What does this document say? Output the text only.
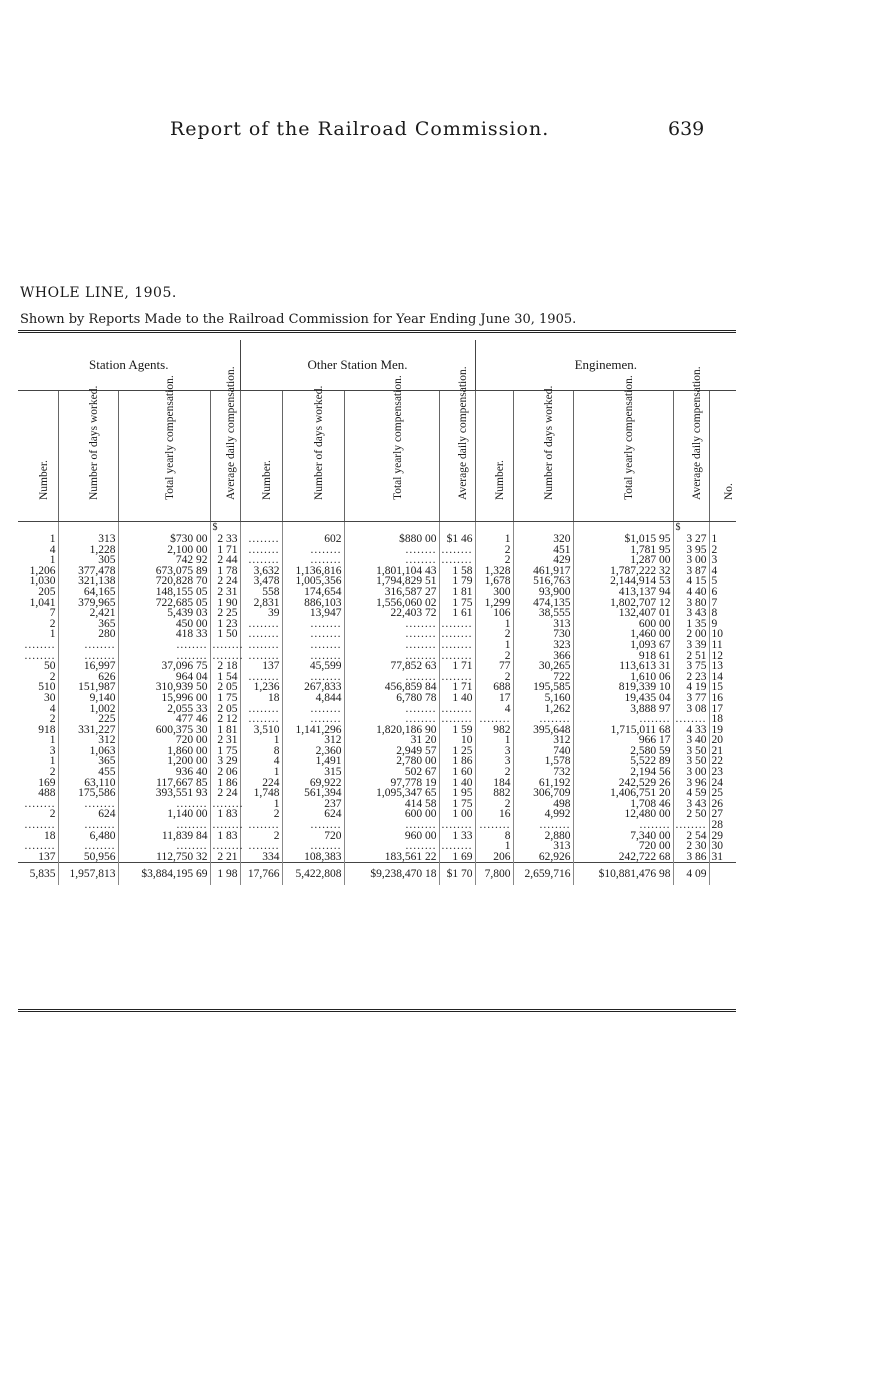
Report of the Railroad Commission.	639
WHOLE LINE, 1905.
Shown by Reports Made to the Railroad Commission for Year Ending June 30, 1905.
Station Agents.				Other Station Men.				Enginemen.				

Number.	Number of days worked.	Total yearly compensation.	Average daily compensation.	Number.	Number of days worked.	Total yearly compensation.	Average daily compensation.	Number.	Number of days worked.	Total yearly compensation.	Average daily compensation.	No.

			$								$	
1	313	$730 00	2 33	........	602	$880 00	$1 46	1	320	$1,015 95	3 27	1
4	1,228	2,100 00	1 71	........	........	........	........	2	451	1,781 95	3 95	2
1	305	742 92	2 44	........	........	........	........	2	429	1,287 00	3 00	3
1,206	377,478	673,075 89	1 78	3,632	1,136,816	1,801,104 43	1 58	1,328	461,917	1,787,222 32	3 87	4
1,030	321,138	720,828 70	2 24	3,478	1,005,356	1,794,829 51	1 79	1,678	516,763	2,144,914 53	4 15	5
205	64,165	148,155 05	2 31	558	174,654	316,587 27	1 81	300	93,900	413,137 94	4 40	6
1,041	379,965	722,685 05	1 90	2,831	886,103	1,556,060 02	1 75	1,299	474,135	1,802,707 12	3 80	7
7	2,421	5,439 03	2 25	39	13,947	22,403 72	1 61	106	38,555	132,407 01	3 43	8
2	365	450 00	1 23	........	........	........	........	1	313	600 00	1 35	9
1	280	418 33	1 50	........	........	........	........	2	730	1,460 00	2 00	10
........	........	........	........	........	........	........	........	1	323	1,093 67	3 39	11
........	........	........	........	........	........	........	........	2	366	918 61	2 51	12
50	16,997	37,096 75	2 18	137	45,599	77,852 63	1 71	77	30,265	113,613 31	3 75	13
2	626	964 04	1 54	........	........	........	........	2	722	1,610 06	2 23	14
510	151,987	310,939 50	2 05	1,236	267,833	456,859 84	1 71	688	195,585	819,339 10	4 19	15
30	9,140	15,996 00	1 75	18	4,844	6,780 78	1 40	17	5,160	19,435 04	3 77	16
4	1,002	2,055 33	2 05	........	........	........	........	4	1,262	3,888 97	3 08	17
2	225	477 46	2 12	........	........	........	........	........	........	........	........	18
918	331,227	600,375 30	1 81	3,510	1,141,296	1,820,186 90	1 59	982	395,648	1,715,011 68	4 33	19
1	312	720 00	2 31	1	312	31 20	10	1	312	966 17	3 40	20
3	1,063	1,860 00	1 75	8	2,360	2,949 57	1 25	3	740	2,580 59	3 50	21
1	365	1,200 00	3 29	4	1,491	2,780 00	1 86	3	1,578	5,522 89	3 50	22
2	455	936 40	2 06	1	315	502 67	1 60	2	732	2,194 56	3 00	23
169	63,110	117,667 85	1 86	224	69,922	97,778 19	1 40	184	61,192	242,529 26	3 96	24
488	175,586	393,551 93	2 24	1,748	561,394	1,095,347 65	1 95	882	306,709	1,406,751 20	4 59	25
........	........	........	........	1	237	414 58	1 75	2	498	1,708 46	3 43	26
2	624	1,140 00	1 83	2	624	600 00	1 00	16	4,992	12,480 00	2 50	27
........	........	........	........	........	........	........	........	........	........	........	........	28
18	6,480	11,839 84	1 83	2	720	960 00	1 33	8	2,880	7,340 00	2 54	29
........	........	........	........	........	........	........	........	1	313	720 00	2 30	30
137	50,956	112,750 32	2 21	334	108,383	183,561 22	1 69	206	62,926	242,722 68	3 86	31
5,835	1,957,813	$3,884,195 69	1 98	17,766	5,422,808	$9,238,470 18	$1 70	7,800	2,659,716	$10,881,476 98	4 09	
